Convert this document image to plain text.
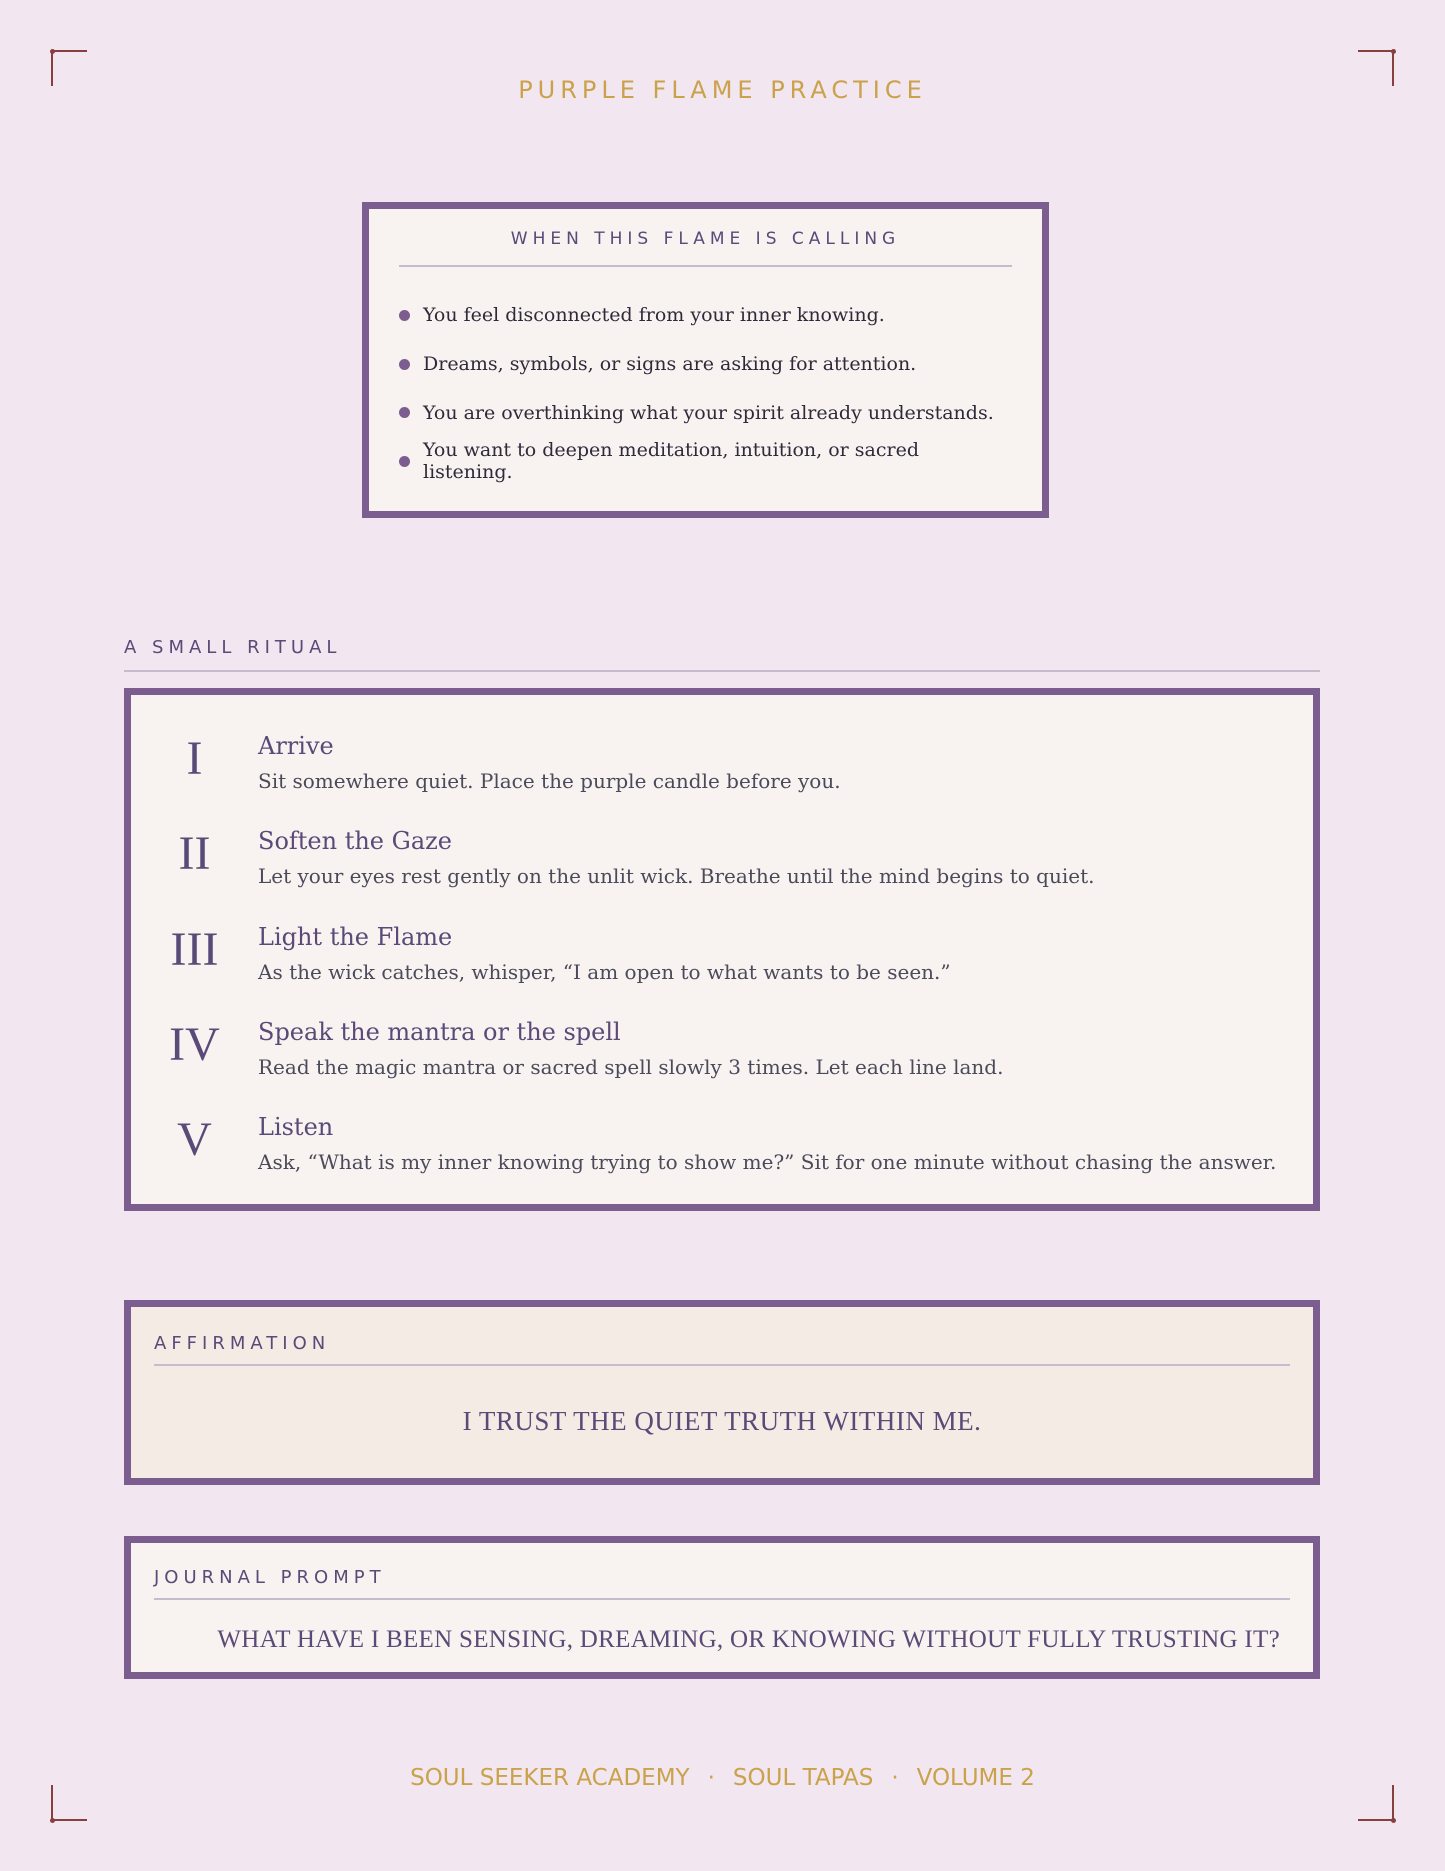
PURPLE FLAME PRACTICE
WHEN THIS FLAME IS CALLING
You feel disconnected from your inner knowing.
Dreams, symbols, or signs are asking for attention.
You are overthinking what your spirit already understands.
You want to deepen meditation, intuition, or sacred listening.
A SMALL RITUAL
I	Arrive
Sit somewhere quiet. Place the purple candle before you.
II	Soften the Gaze
Let your eyes rest gently on the unlit wick. Breathe until the mind begins to quiet.
III	Light the Flame
As the wick catches, whisper, “I am open to what wants to be seen.”
IV	Speak the mantra or the spell
Read the magic mantra or sacred spell slowly 3 times. Let each line land.
V	Listen
Ask, “What is my inner knowing trying to show me?” Sit for one minute without chasing the answer.
AFFIRMATION
I TRUST THE QUIET TRUTH WITHIN ME.
JOURNAL PROMPT
WHAT HAVE I BEEN SENSING, DREAMING, OR KNOWING WITHOUT FULLY TRUSTING IT?
SOUL SEEKER ACADEMY · SOUL TAPAS · VOLUME 2
